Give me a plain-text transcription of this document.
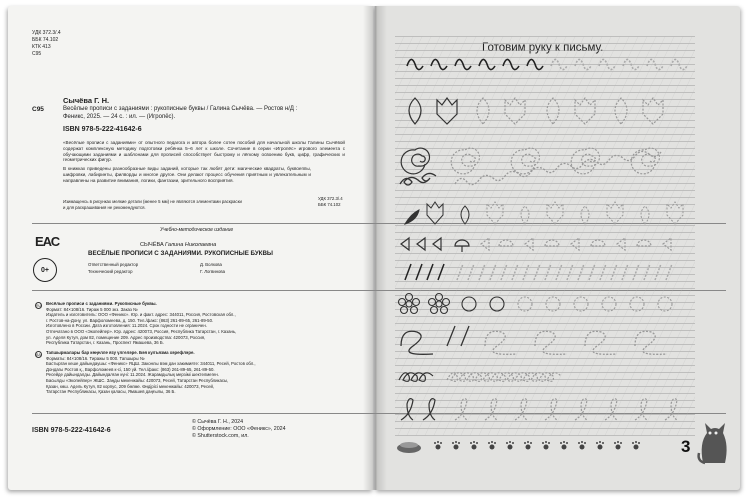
УДК 372.3/.4
ББК 74.102
КТК 413
С95
Сычёва Г. Н.
С95	Весёлые прописи с заданиями : рукописные буквы / Галина Сычёва. — Ростов н/Д :
Феникс, 2025. — 24 с. : ил. — (Игропёс).
ISBN 978-5-222-41642-6
«Весёлые прописи с заданиями» от опытного педагога и автора более сотен пособий для начальной школы Галины Сычёвой содержат комплексную методику подготовки ребёнка 5–6 лет к школе. Сочетание в серии «Игропёс» игрового элемента с обучающими заданиями и шаблонами для прописей способствует быстрому и лёгкому освоению букв, цифр, графических и геометрических фигур.
В книжках приведены разнообразные виды заданий, которые так любят дети: магические квадраты, буквоеппы, шифровки, лабиринты, филворды и многое другое. Они делают процесс обучения приятным и увлекательным и направлены на развитие внимания, логики, фантазии, зрительного восприятия.
УДК 372.3/.4
ББК 74.102
Изимащенсь в рисунках мелкие детали (менее 5 мм) не являются элементами раскраски
и для раскрашивания не рекомендуются.
Учебно-методическое издание
ЕАС
0+
СЫЧЁВА Галина Николаевна
ВЕСЁЛЫЕ ПРОПИСИ С ЗАДАНИЯМИ. РУКОПИСНЫЕ БУКВЫ
Ответственный редактор	Д. Волкова
Технический редактор	Г. Логвинова
RU Весёлые прописи с заданиями. Рукописные буквы.
Формат: 84×108/16. Тираж 5 000 экз. Заказ №
Издатель и изготовитель: ООО «Феникс». Юр. и факт. адрес: 344011, Россия, Ростовская обл.,
г. Ростов-на-Дону, ул. Варфоломеева, д. 150. Тел./факс: (863) 261-89-65, 261-89-50.
Изготовлено в России. Дата изготовления: 11.2024. Срок годности не ограничен.
Отпечатано в ООО «Экопейпер». Юр. адрес: 420073, Россия, Республика Татарстан, г. Казань,
ул. Аделя Кутуя, дом 82, помещение 209. Адрес производства: 420073, Россия,
Республика Татарстан, г. Казань, Проспект Ямашева, 36 Б.
BA Тапшырмалары бар көңелле язу үлгеләре. Бәя кулъязма хәрефләре.
Форматы: 84×108/16. Тиражы 5 000. Тапшыры №
Бастырган кеше дайындаушы: «Феникс» ЯЦШ. Законлы вәм дан хакимияте: 344011, Ресей, Ростов обл.,
Дондагы Ростов қ., Варфоломеев к-сі, 150 үй. Тел./факс: (863) 261-89-65, 261-89-50.
Ресейде дайындалды. Дайындалған күні: 11.2024. Жарамдылық мерзімі шектелмеген.
Басылды «Экопейпер» ЖШС. Заңды мекенжайы: 420073, Ресей, Татарстан Республикасы,
Қазан, көш. Адель Кутуя, 82 корпус, 209 бөлме. Өндірісі мекенжайы: 420073, Ресей,
Татарстан Республикасы, Қазан қаласы, Ямашев даңғылы, 36 Б.
ISBN 978-5-222-41642-6
© Сычёва Г. Н., 2024
© Оформление: ООО «Феникс», 2024
© Shutterstock.com, ил.
3
